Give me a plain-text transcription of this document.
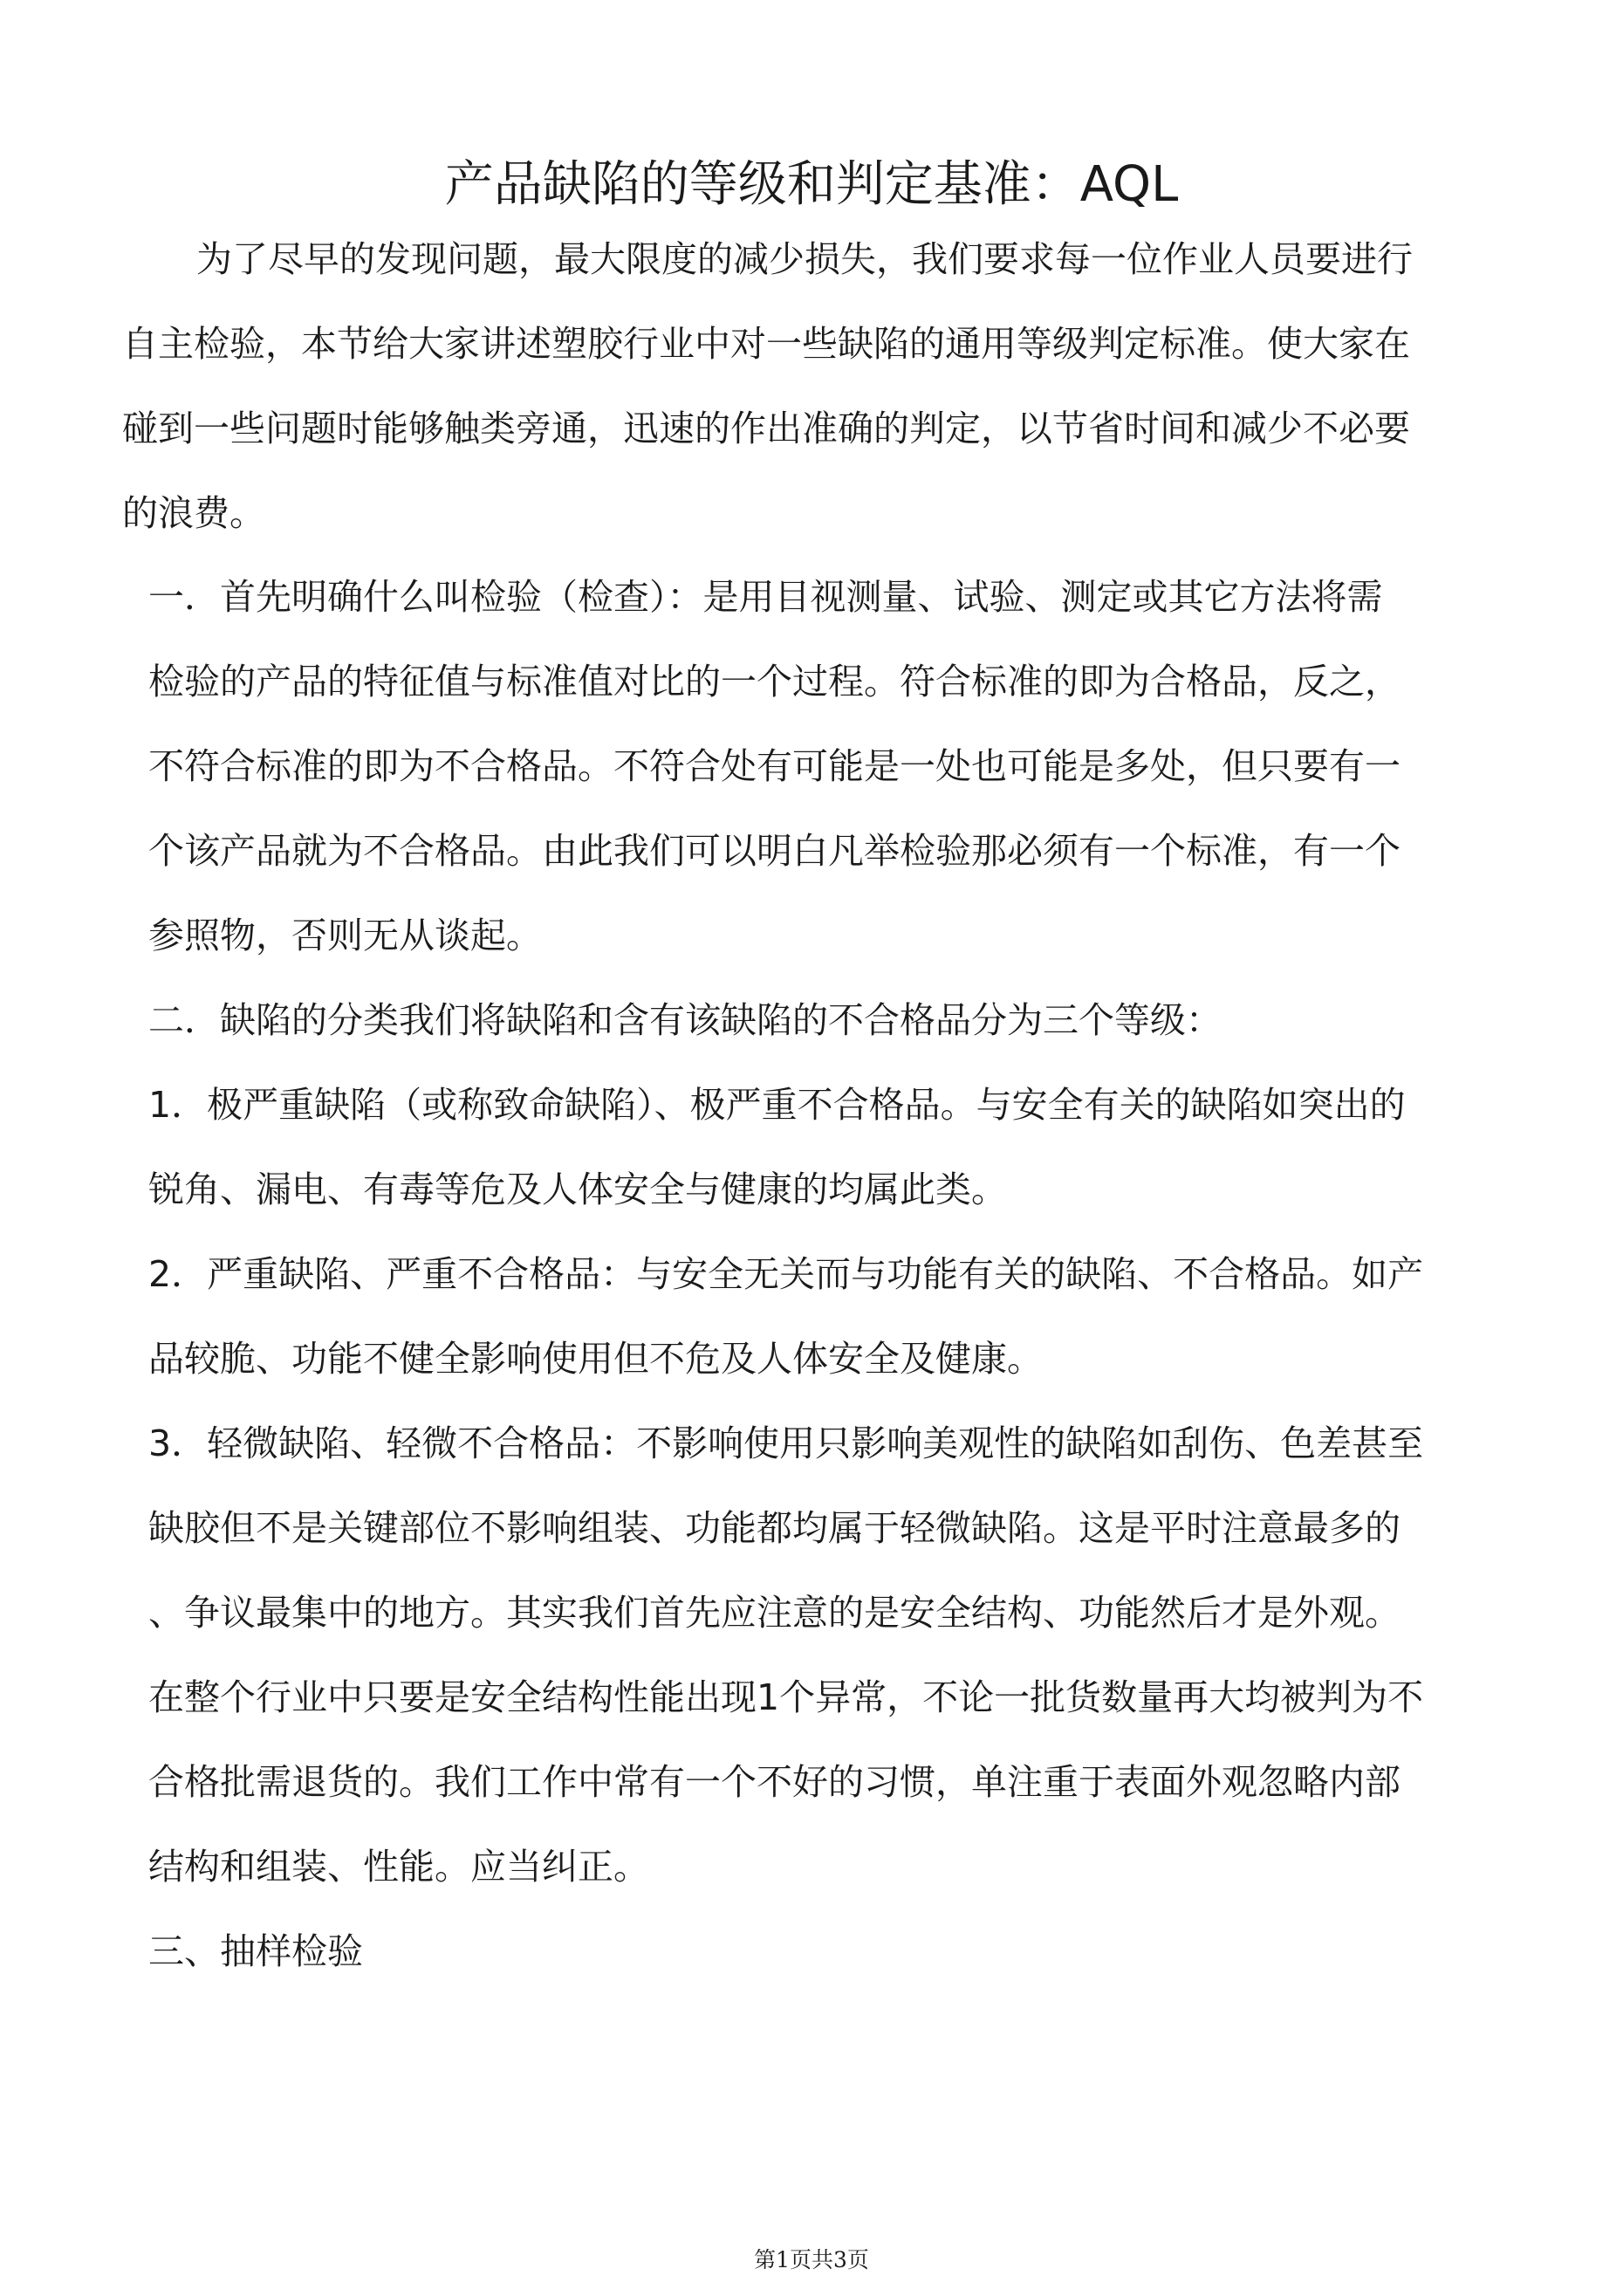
产品缺陷的等级和判定基准：AQL

为了尽早的发现问题，最大限度的减少损失，我们要求每一位作业人员要进行

自主检验，本节给大家讲述塑胶行业中对一些缺陷的通用等级判定标准。使大家在

碰到一些问题时能够触类旁通，迅速的作出准确的判定，以节省时间和减少不必要

的浪费。

一．首先明确什么叫检验（检查）：是用目视测量、试验、测定或其它方法将需

检验的产品的特征值与标准值对比的一个过程。符合标准的即为合格品，反之，

不符合标准的即为不合格品。不符合处有可能是一处也可能是多处，但只要有一

个该产品就为不合格品。由此我们可以明白凡举检验那必须有一个标准，有一个

参照物，否则无从谈起。

二．缺陷的分类我们将缺陷和含有该缺陷的不合格品分为三个等级：

1．极严重缺陷（或称致命缺陷）、极严重不合格品。与安全有关的缺陷如突出的

锐角、漏电、有毒等危及人体安全与健康的均属此类。

2．严重缺陷、严重不合格品：与安全无关而与功能有关的缺陷、不合格品。如产

品较脆、功能不健全影响使用但不危及人体安全及健康。

3．轻微缺陷、轻微不合格品：不影响使用只影响美观性的缺陷如刮伤、色差甚至

缺胶但不是关键部位不影响组装、功能都均属于轻微缺陷。这是平时注意最多的

、争议最集中的地方。其实我们首先应注意的是安全结构、功能然后才是外观。

在整个行业中只要是安全结构性能出现1个异常，不论一批货数量再大均被判为不

合格批需退货的。我们工作中常有一个不好的习惯，单注重于表面外观忽略内部

结构和组装、性能。应当纠正。

三、抽样检验

第1页共3页
